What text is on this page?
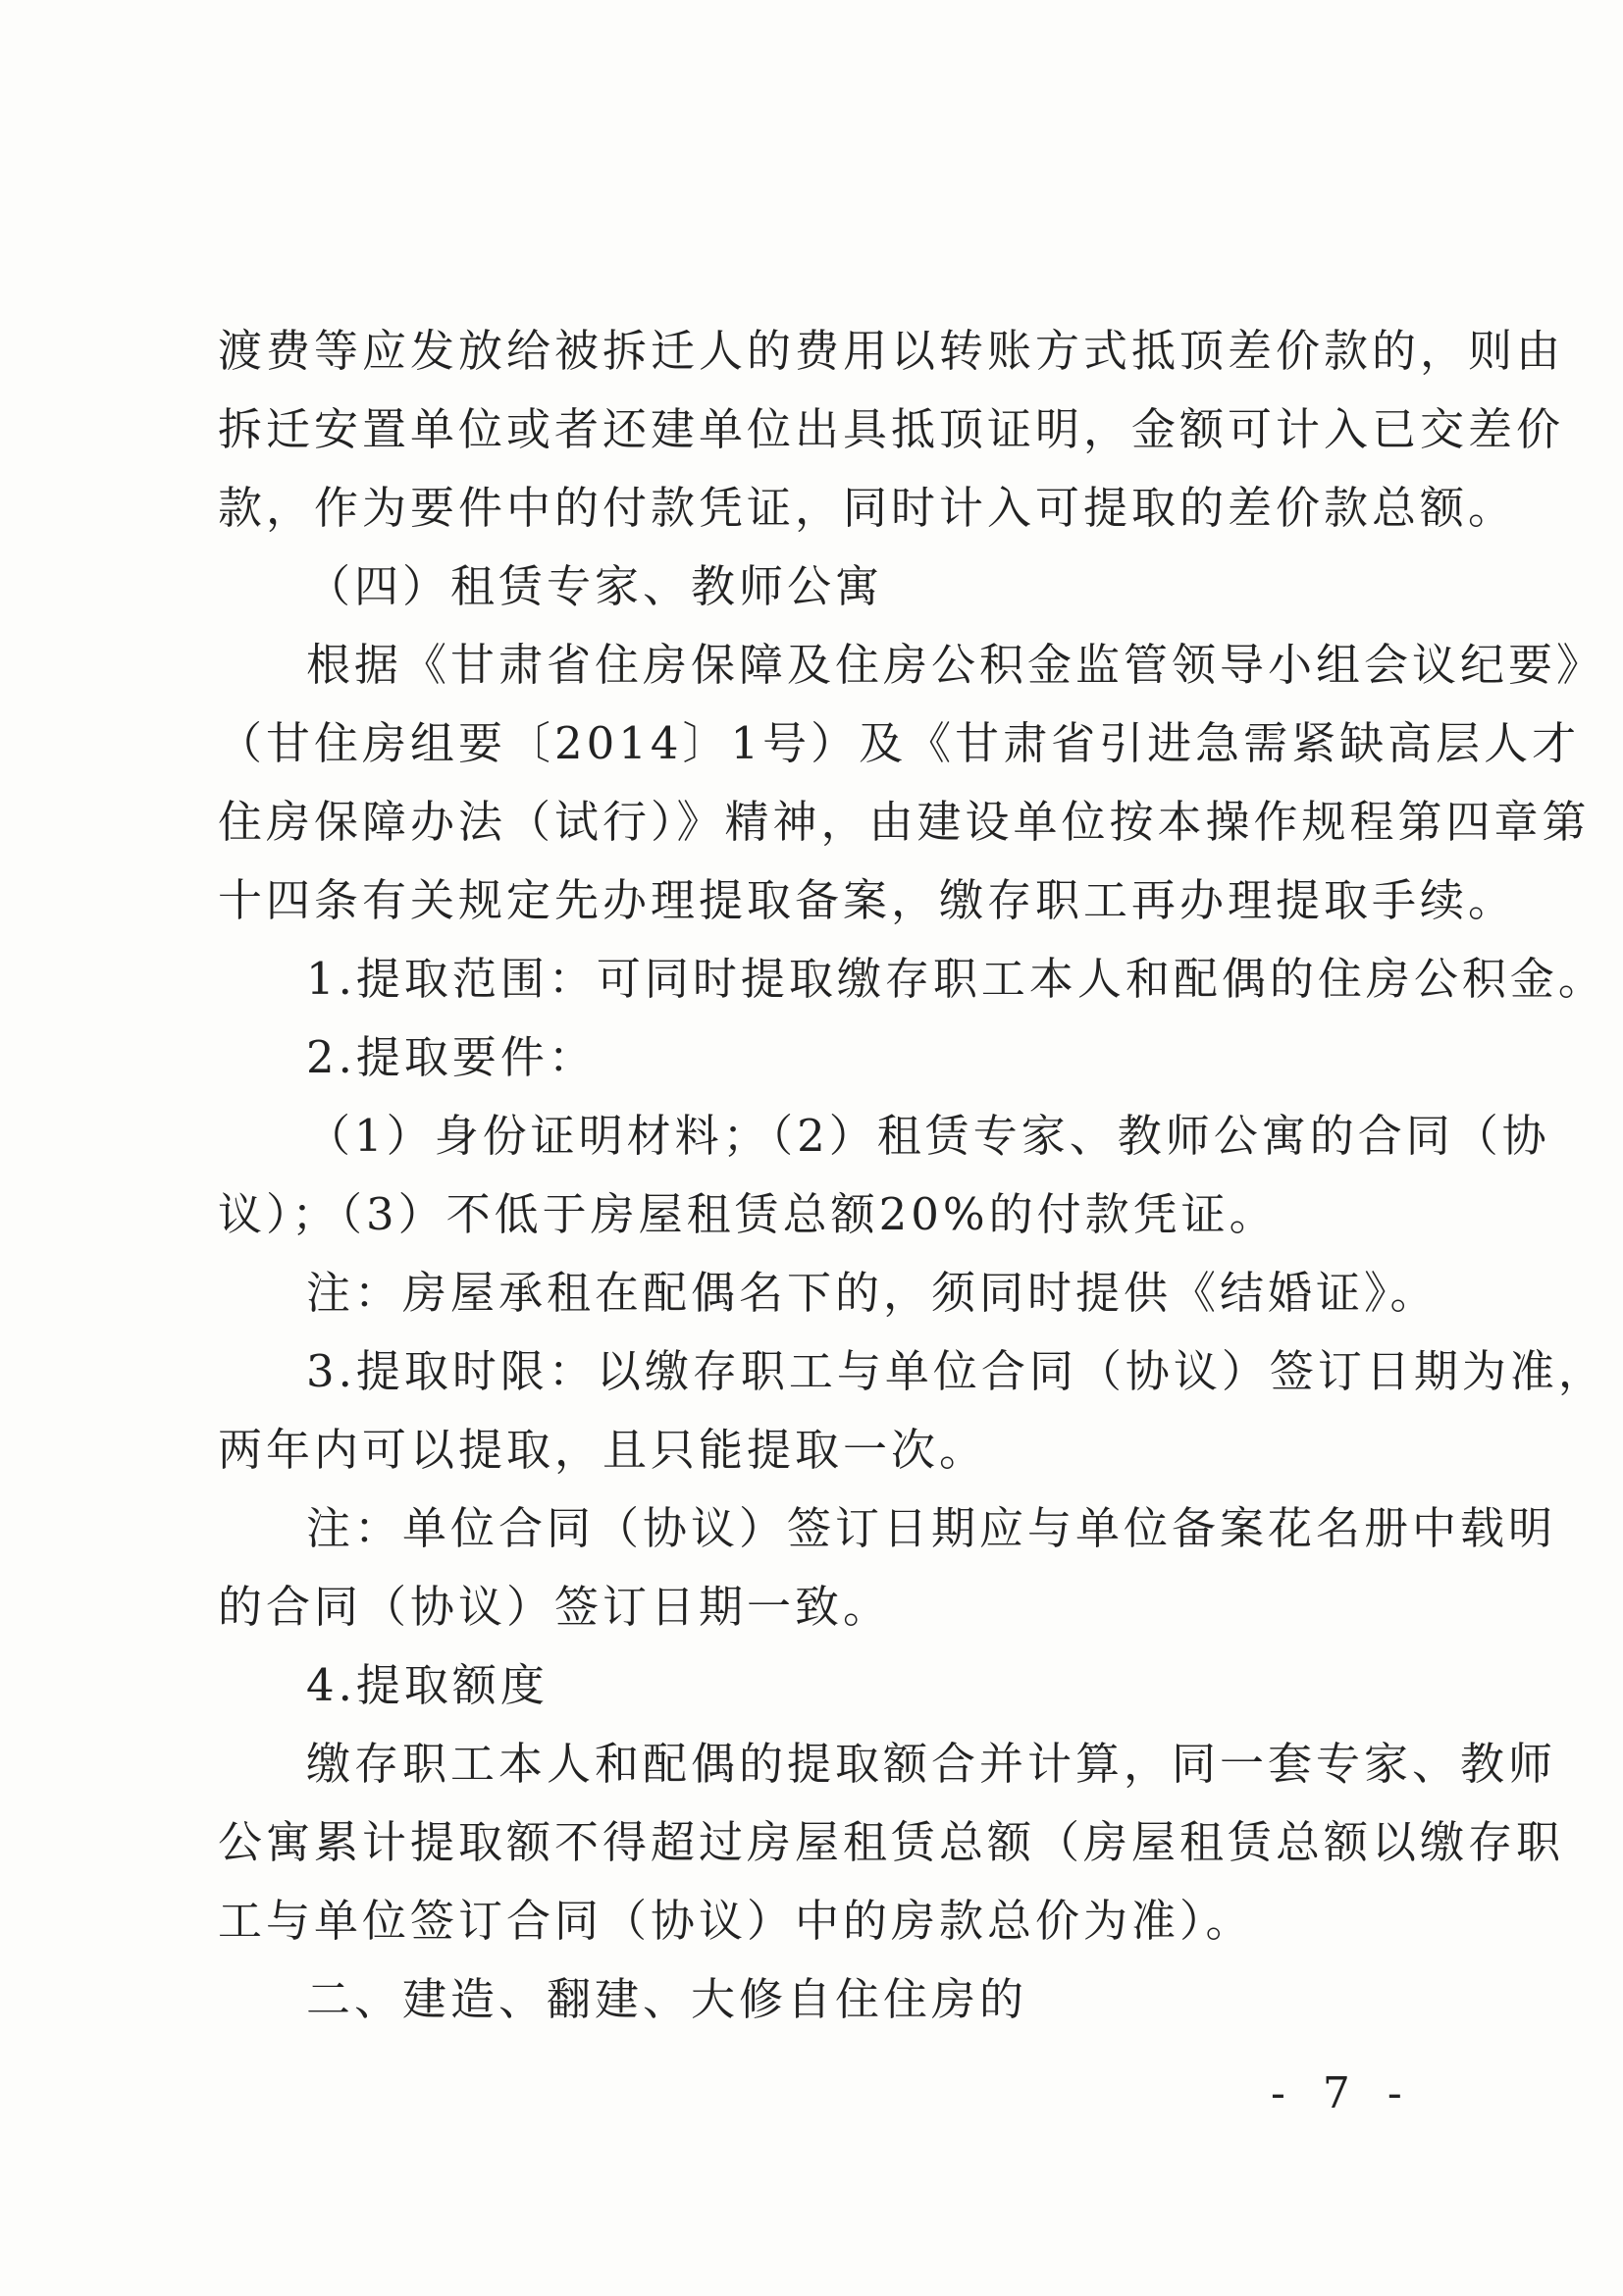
渡费等应发放给被拆迁人的费用以转账方式抵顶差价款的，则由

拆迁安置单位或者还建单位出具抵顶证明，金额可计入已交差价

款，作为要件中的付款凭证，同时计入可提取的差价款总额。

（四）租赁专家、教师公寓

根据《甘肃省住房保障及住房公积金监管领导小组会议纪要》

（甘住房组要〔2014〕1号）及《甘肃省引进急需紧缺高层人才

住房保障办法（试行）》精神，由建设单位按本操作规程第四章第

十四条有关规定先办理提取备案，缴存职工再办理提取手续。

1.提取范围：可同时提取缴存职工本人和配偶的住房公积金。

2.提取要件：

（1）身份证明材料；（2）租赁专家、教师公寓的合同（协

议）；（3）不低于房屋租赁总额20%的付款凭证。

注：房屋承租在配偶名下的，须同时提供《结婚证》。

3.提取时限：以缴存职工与单位合同（协议）签订日期为准，

两年内可以提取，且只能提取一次。

注：单位合同（协议）签订日期应与单位备案花名册中载明

的合同（协议）签订日期一致。

4.提取额度

缴存职工本人和配偶的提取额合并计算，同一套专家、教师

公寓累计提取额不得超过房屋租赁总额（房屋租赁总额以缴存职

工与单位签订合同（协议）中的房款总价为准）。

二、建造、翻建、大修自住住房的

- 7 -
